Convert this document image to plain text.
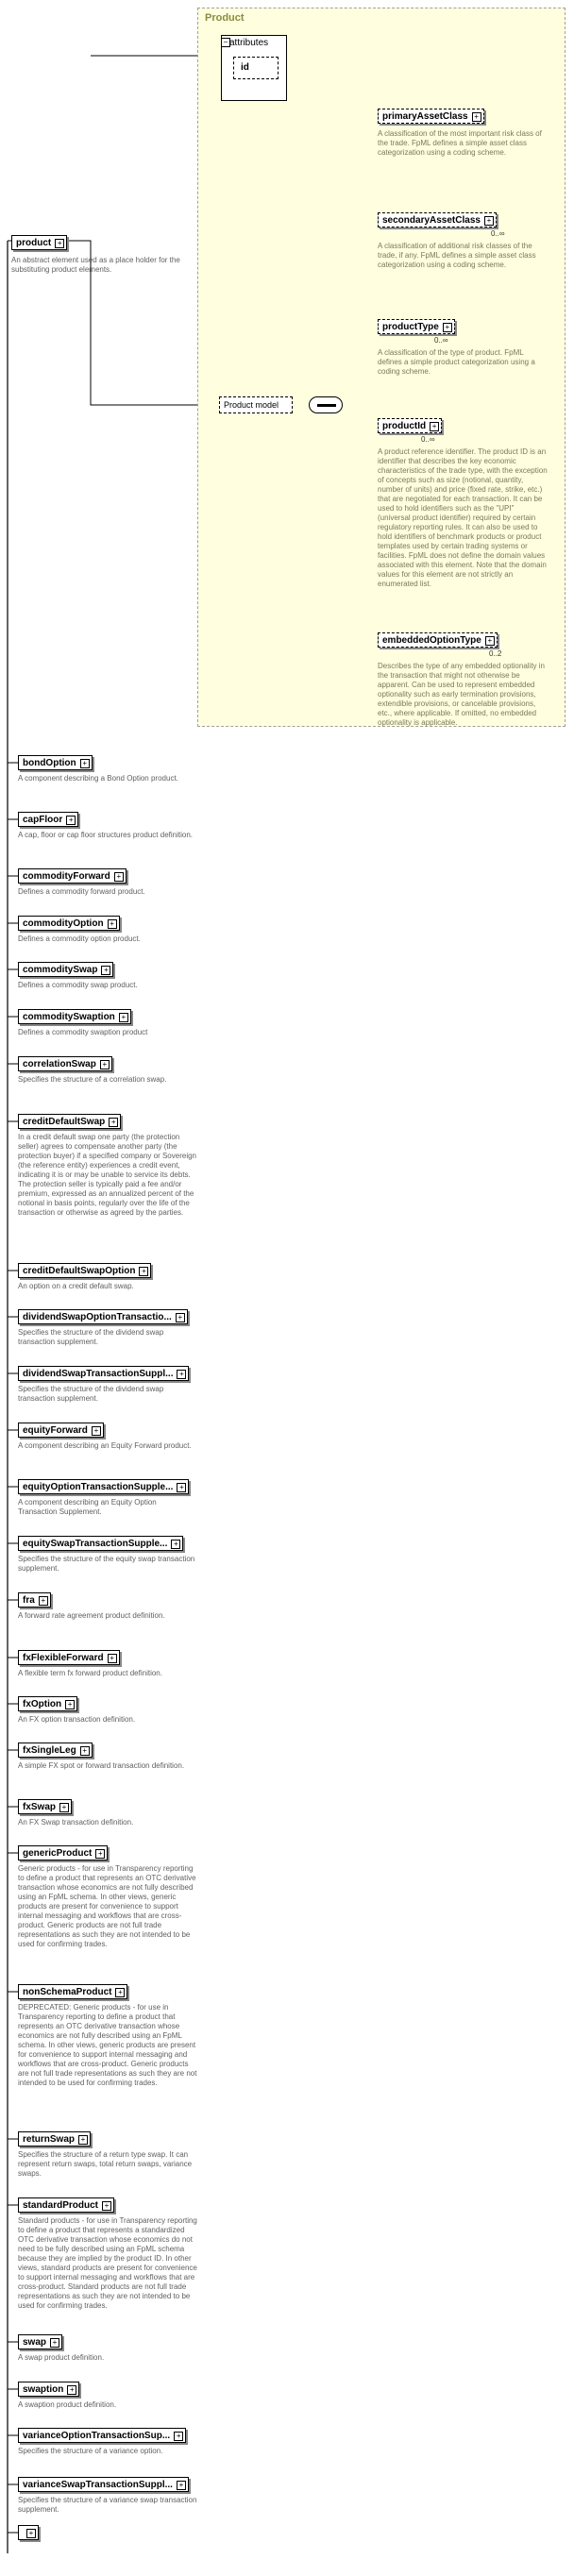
product
+
An abstract element used as a place holder for the substituting product elements.
Product
− attributes
id
Product model
primaryAssetClass
+
A classification of the most important risk class of the trade. FpML defines a simple asset class categorization using a coding scheme.
secondaryAssetClass
+
0..∞
A classification of additional risk classes of the trade, if any. FpML defines a simple asset class categorization using a coding scheme.
productType
+
0..∞
A classification of the type of product. FpML defines a simple product categorization using a coding scheme.
productId
+
0..∞
A product reference identifier. The product ID is an identifier that describes the key economic characteristics of the trade type, with the exception of concepts such as size (notional, quantity, number of units) and price (fixed rate, strike, etc.) that are negotiated for each transaction. It can be used to hold identifiers such as the "UPI" (universal product identifier) required by certain regulatory reporting rules. It can also be used to hold identifiers of benchmark products or product templates used by certain trading systems or facilities. FpML does not define the domain values associated with this element. Note that the domain values for this element are not strictly an enumerated list.
embeddedOptionType
+
0..2
Describes the type of any embedded optionality in the transaction that might not otherwise be apparent. Can be used to represent embedded optionality such as early termination provisions, extendible provisions, or cancelable provisions, etc., where applicable. If omitted, no embedded optionality is applicable.
bondOption
+
A component describing a Bond Option product.
capFloor
+
A cap, floor or cap floor structures product definition.
commodityForward
+
Defines a commodity forward product.
commodityOption
+
Defines a commodity option product.
commoditySwap
+
Defines a commodity swap product.
commoditySwaption
+
Defines a commodity swaption product
correlationSwap
+
Specifies the structure of a correlation swap.
creditDefaultSwap
+
In a credit default swap one party (the protection seller) agrees to compensate another party (the protection buyer) if a specified company or Sovereign (the reference entity) experiences a credit event, indicating it is or may be unable to service its debts. The protection seller is typically paid a fee and/or premium, expressed as an annualized percent of the notional in basis points, regularly over the life of the transaction or otherwise as agreed by the parties.
creditDefaultSwapOption
+
An option on a credit default swap.
dividendSwapOptionTransactio...
+
Specifies the structure of the dividend swap transaction supplement.
dividendSwapTransactionSuppl...
+
Specifies the structure of the dividend swap transaction supplement.
equityForward
+
A component describing an Equity Forward product.
equityOptionTransactionSupple...
+
A component describing an Equity Option Transaction Supplement.
equitySwapTransactionSupple...
+
Specifies the structure of the equity swap transaction supplement.
fra
+
A forward rate agreement product definition.
fxFlexibleForward
+
A flexible term fx forward product definition.
fxOption
+
An FX option transaction definition.
fxSingleLeg
+
A simple FX spot or forward transaction definition.
fxSwap
+
An FX Swap transaction definition.
genericProduct
+
Generic products - for use in Transparency reporting to define a product that represents an OTC derivative transaction whose economics are not fully described using an FpML schema. In other views, generic products are present for convenience to support internal messaging and workflows that are cross-product. Generic products are not full trade representations as such they are not intended to be used for confirming trades.
nonSchemaProduct
+
DEPRECATED: Generic products - for use in Transparency reporting to define a product that represents an OTC derivative transaction whose economics are not fully described using an FpML schema. In other views, generic products are present for convenience to support internal messaging and workflows that are cross-product. Generic products are not full trade representations as such they are not intended to be used for confirming trades.
returnSwap
+
Specifies the structure of a return type swap. It can represent return swaps, total return swaps, variance swaps.
standardProduct
+
Standard products - for use in Transparency reporting to define a product that represents a standardized OTC derivative transaction whose economics do not need to be fully described using an FpML schema because they are implied by the product ID. In other views, standard products are present for convenience to support internal messaging and workflows that are cross-product. Standard products are not full trade representations as such they are not intended to be used for confirming trades.
swap
+
A swap product definition.
swaption
+
A swaption product definition.
varianceOptionTransactionSup...
+
Specifies the structure of a variance option.
varianceSwapTransactionSuppl...
+
Specifies the structure of a variance swap transaction supplement.
+
